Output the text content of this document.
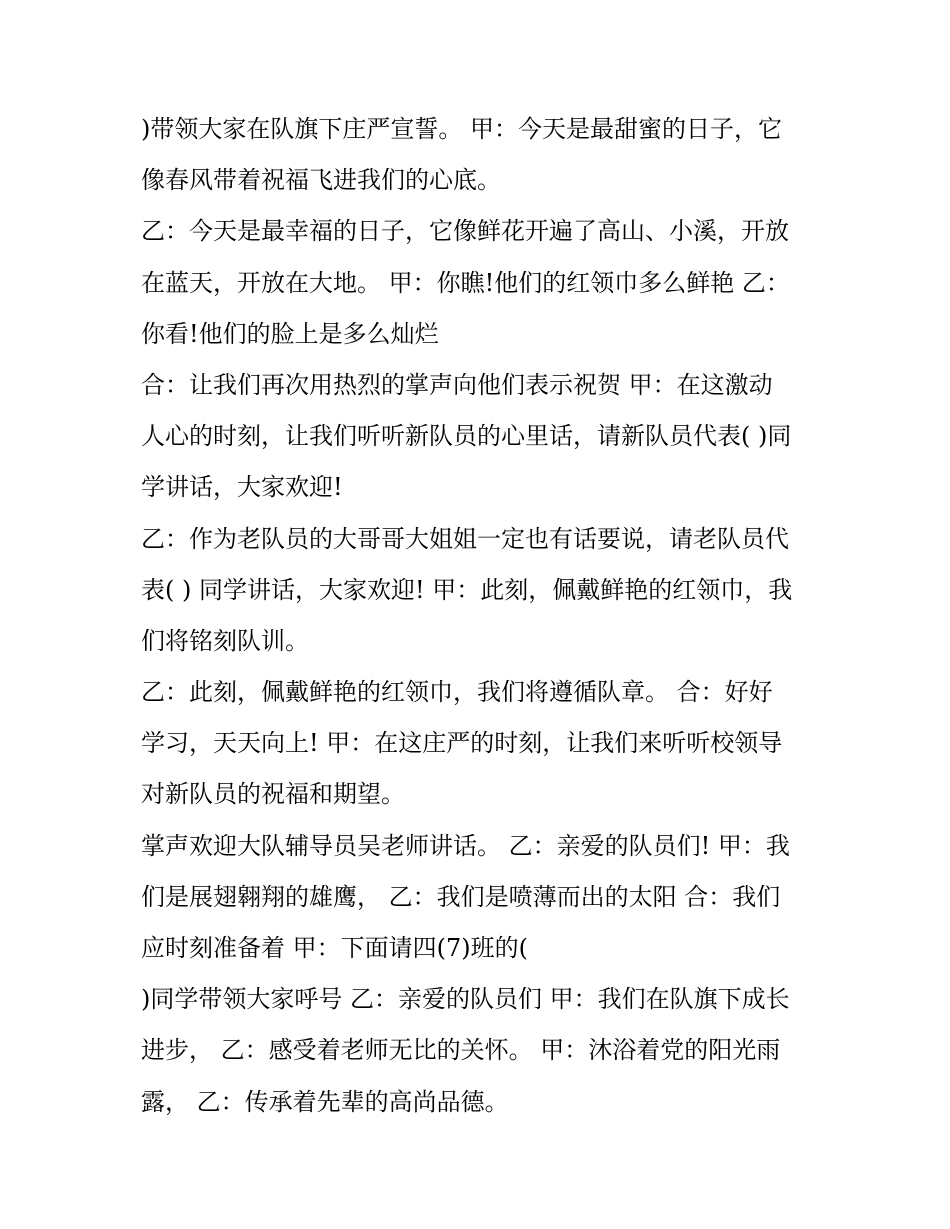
)带领大家在队旗下庄严宣誓。 甲：今天是最甜蜜的日子，它
像春风带着祝福飞进我们的心底。
乙：今天是最幸福的日子，它像鲜花开遍了高山、小溪，开放
在蓝天，开放在大地。 甲：你瞧!他们的红领巾多么鲜艳 乙：
你看!他们的脸上是多么灿烂
合：让我们再次用热烈的掌声向他们表示祝贺 甲：在这激动
人心的时刻，让我们听听新队员的心里话，请新队员代表( )同
学讲话，大家欢迎!
乙：作为老队员的大哥哥大姐姐一定也有话要说，请老队员代
表( ) 同学讲话，大家欢迎! 甲：此刻，佩戴鲜艳的红领巾，我
们将铭刻队训。
乙：此刻，佩戴鲜艳的红领巾，我们将遵循队章。 合：好好
学习，天天向上! 甲：在这庄严的时刻，让我们来听听校领导
对新队员的祝福和期望。
掌声欢迎大队辅导员吴老师讲话。 乙：亲爱的队员们! 甲：我
们是展翅翱翔的雄鹰， 乙：我们是喷薄而出的太阳 合：我们
应时刻准备着 甲：下面请四(7)班的(
)同学带领大家呼号 乙：亲爱的队员们 甲：我们在队旗下成长
进步， 乙：感受着老师无比的关怀。 甲：沐浴着党的阳光雨
露， 乙：传承着先辈的高尚品德。
